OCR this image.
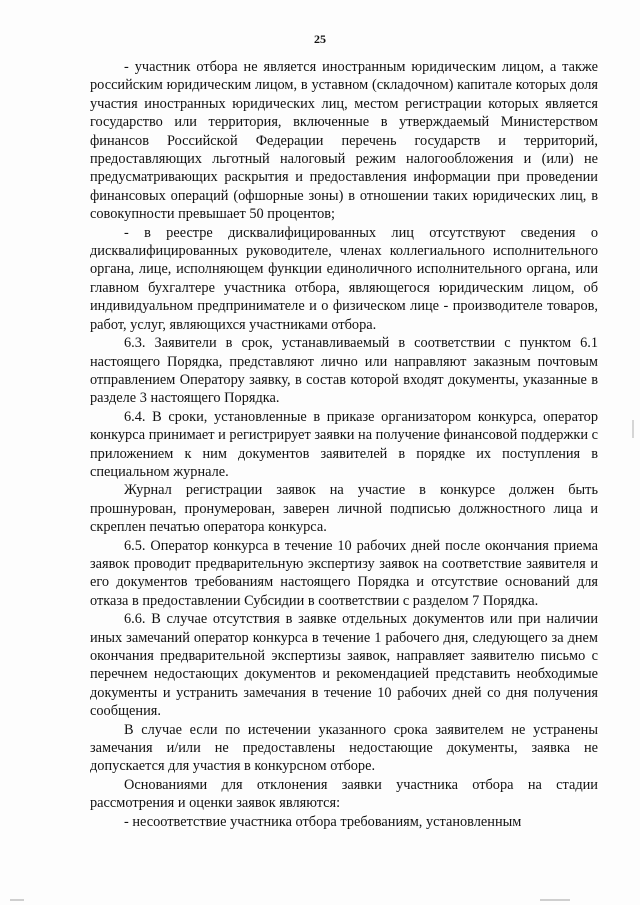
25

- участник отбора не является иностранным юридическим лицом, а также российским юридическим лицом, в уставном (складочном) капитале которых доля участия иностранных юридических лиц, местом регистрации которых является государство или территория, включенные в утверждаемый Министерством финансов Российской Федерации перечень государств и территорий, предоставляющих льготный налоговый режим налогообложения и (или) не предусматривающих раскрытия и предоставления информации при проведении финансовых операций (офшорные зоны) в отношении таких юридических лиц, в совокупности превышает 50 процентов;

- в реестре дисквалифицированных лиц отсутствуют сведения о дисквалифицированных руководителе, членах коллегиального исполнительного органа, лице, исполняющем функции единоличного исполнительного органа, или главном бухгалтере участника отбора, являющегося юридическим лицом, об индивидуальном предпринимателе и о физическом лице - производителе товаров, работ, услуг, являющихся участниками отбора.

6.3. Заявители в срок, устанавливаемый в соответствии с пунктом 6.1 настоящего Порядка, представляют лично или направляют заказным почтовым отправлением Оператору заявку, в состав которой входят документы, указанные в разделе 3 настоящего Порядка.

6.4. В сроки, установленные в приказе организатором конкурса, оператор конкурса принимает и регистрирует заявки на получение финансовой поддержки с приложением к ним документов заявителей в порядке их поступления в специальном журнале.

Журнал регистрации заявок на участие в конкурсе должен быть прошнурован, пронумерован, заверен личной подписью должностного лица и скреплен печатью оператора конкурса.

6.5. Оператор конкурса в течение 10 рабочих дней после окончания приема заявок проводит предварительную экспертизу заявок на соответствие заявителя и его документов требованиям настоящего Порядка и отсутствие оснований для отказа в предоставлении Субсидии в соответствии с разделом 7 Порядка.

6.6. В случае отсутствия в заявке отдельных документов или при наличии иных замечаний оператор конкурса в течение 1 рабочего дня, следующего за днем окончания предварительной экспертизы заявок, направляет заявителю письмо с перечнем недостающих документов и рекомендацией представить необходимые документы и устранить замечания в течение 10 рабочих дней со дня получения сообщения.

В случае если по истечении указанного срока заявителем не устранены замечания и/или не предоставлены недостающие документы, заявка не допускается для участия в конкурсном отборе.

Основаниями для отклонения заявки участника отбора на стадии рассмотрения и оценки заявок являются:

- несоответствие участника отбора требованиям, установленным
